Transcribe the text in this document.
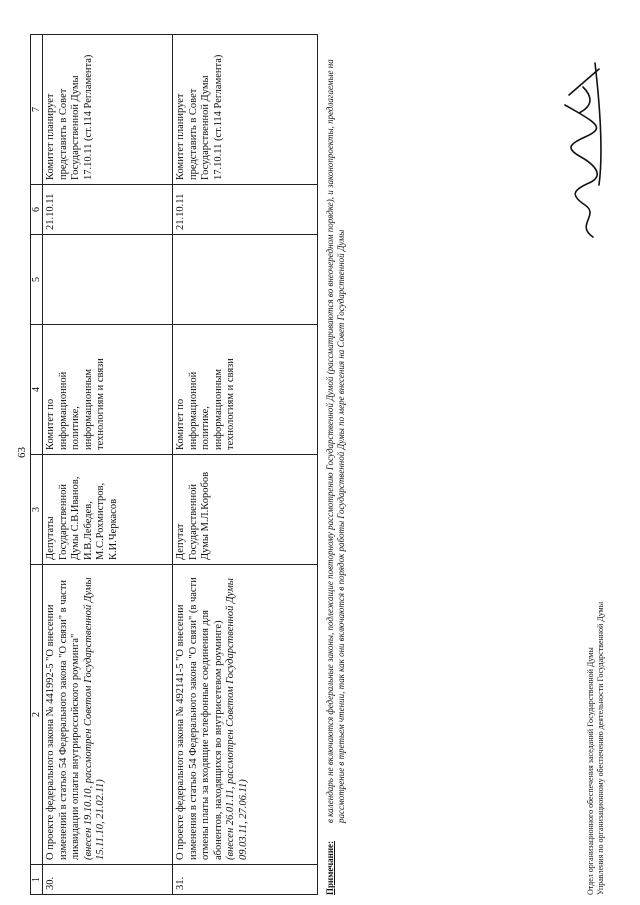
63
1	2	3	4	5	6	7
30.	О проекте федерального закона № 441992-5 "О внесении изменений в статью 54 Федерального закона "О связи" в части ликвидации оплаты внутрироссийского роуминга" (внесен 19.10.10, рассмотрен Советом Государственной Думы 15.11.10, 21.02.11)	Депутаты Государственной Думы С.В.Иванов, И.В.Лебедев, М.С.Рохмистров, К.И.Черкасов	Комитет по информационной политике, информационным технологиям и связи		21.10.11	Комитет планирует представить в Совет Государственной Думы 17.10.11 (ст.114 Регламента)
31.	О проекте федерального закона № 492141-5 "О внесении изменения в статью 54 Федерального закона "О связи" (в части отмены платы за входящие телефонные соединения для абонентов, находящихся во внутрисетевом роуминге) (внесен 26.01.11, рассмотрен Советом Государственной Думы 09.03.11, 27.06.11)	Депутат Государственной Думы М.Л.Коробов	Комитет по информационной политике, информационным технологиям и связи		21.10.11	Комитет планирует представить в Совет Государственной Думы 17.10.11 (ст.114 Регламента)
Примечание:
в календарь не включаются федеральные законы, подлежащие повторному рассмотрению Государственной Думой (рассматриваются во внеочередном порядке), и законопроекты, предлагаемые на рассмотрение в третьем чтении, так как они включаются в порядок работы Государственной Думы по мере внесения на Совет Государственной Думы	Отдел организационного обеспечения заседаний Государственной Думы Управления по организационному обеспечению деятельности Государственной Думы
